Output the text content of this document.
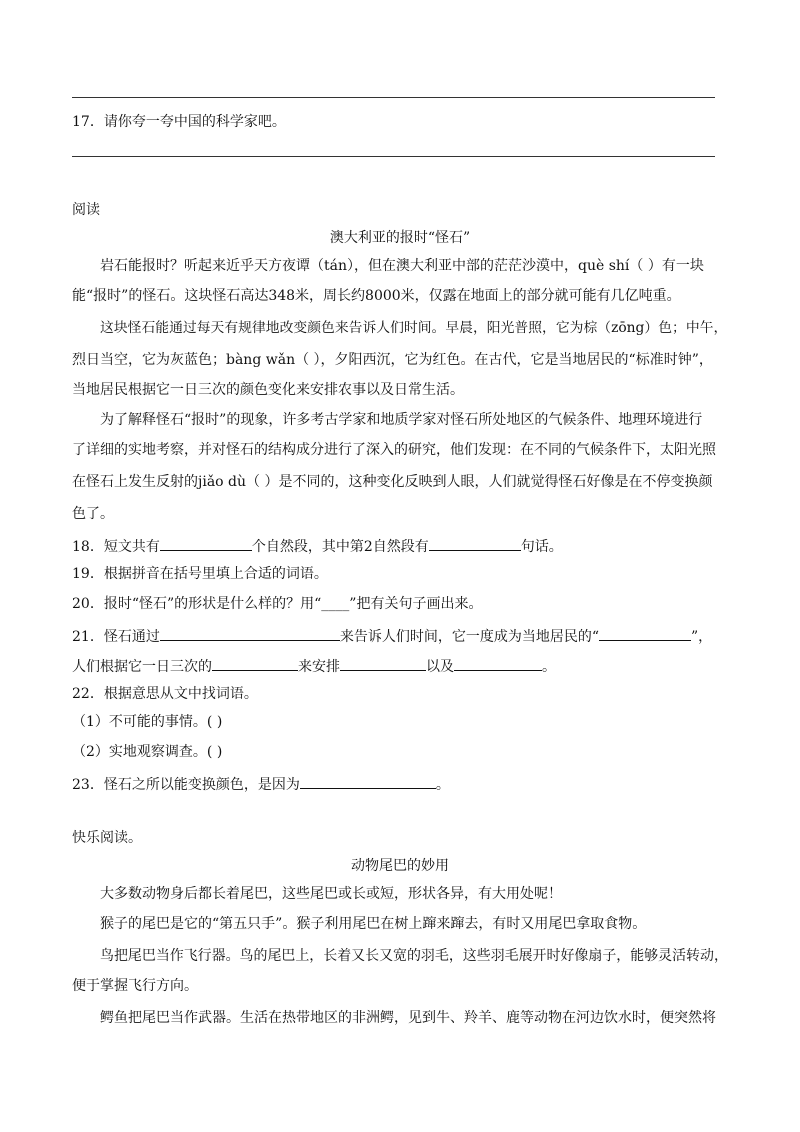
17．请你夸一夸中国的科学家吧。
阅读
澳大利亚的报时“怪石”
岩石能报时？听起来近乎天方夜谭（tán），但在澳大利亚中部的茫茫沙漠中，què shí（ ）有一块
能“报时”的怪石。这块怪石高达348米，周长约8000米，仅露在地面上的部分就可能有几亿吨重。
这块怪石能通过每天有规律地改变颜色来告诉人们时间。早晨，阳光普照，它为棕（zōng）色；中午，
烈日当空，它为灰蓝色；bàng wǎn（ ），夕阳西沉，它为红色。在古代，它是当地居民的“标准时钟”，
当地居民根据它一日三次的颜色变化来安排农事以及日常生活。
为了解释怪石“报时”的现象，许多考古学家和地质学家对怪石所处地区的气候条件、地理环境进行
了详细的实地考察，并对怪石的结构成分进行了深入的研究，他们发现：在不同的气候条件下，太阳光照
在怪石上发生反射的jiǎo dù（ ）是不同的，这种变化反映到人眼，人们就觉得怪石好像是在不停变换颜
色了。
18．短文共有	个自然段，其中第2自然段有	句话。
19．根据拼音在括号里填上合适的词语。
20．报时“怪石”的形状是什么样的？用“____”把有关句子画出来。
21．怪石通过	来告诉人们时间，它一度成为当地居民的“	”，
人们根据它一日三次的	来安排	以及	。
22．根据意思从文中找词语。
（1）不可能的事情。( )
（2）实地观察调查。( )
23．怪石之所以能变换颜色，是因为	。
快乐阅读。
动物尾巴的妙用
大多数动物身后都长着尾巴，这些尾巴或长或短，形状各异，有大用处呢！
猴子的尾巴是它的“第五只手”。猴子利用尾巴在树上蹿来蹿去，有时又用尾巴拿取食物。
鸟把尾巴当作飞行器。鸟的尾巴上，长着又长又宽的羽毛，这些羽毛展开时好像扇子，能够灵活转动，
便于掌握飞行方向。
鳄鱼把尾巴当作武器。生活在热带地区的非洲鳄，见到牛、羚羊、鹿等动物在河边饮水时，便突然将
